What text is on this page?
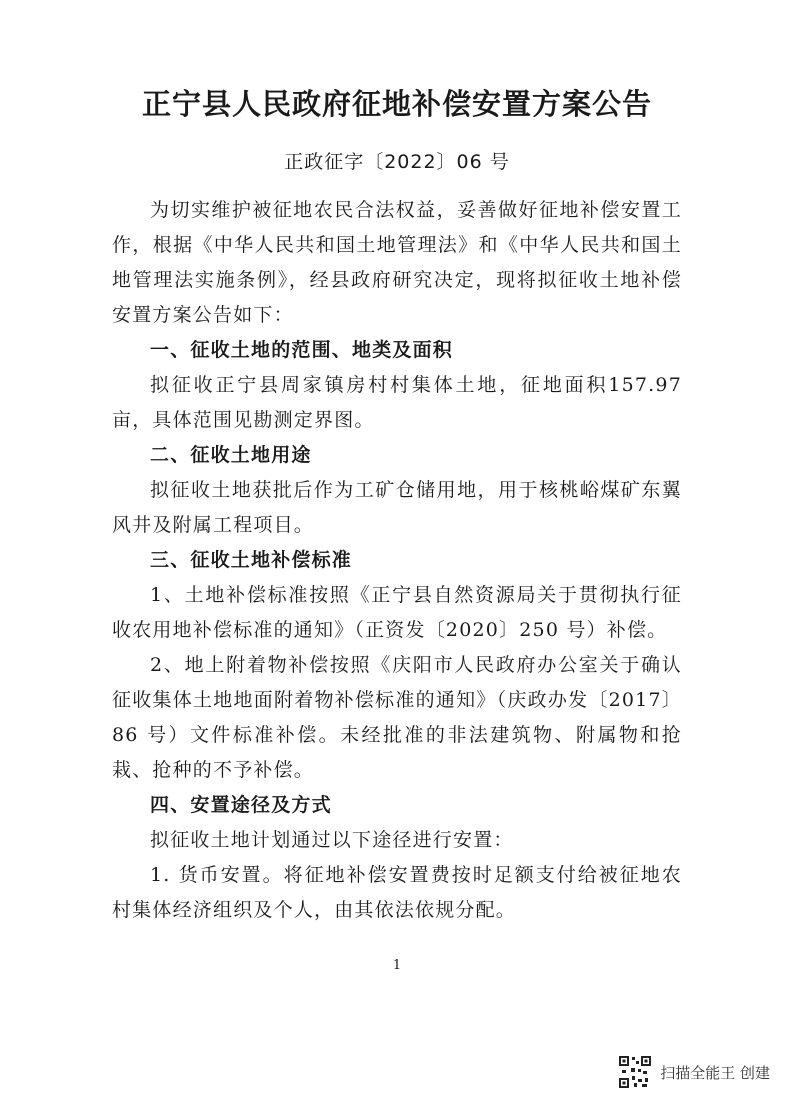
正宁县人民政府征地补偿安置方案公告
正政征字〔2022〕06 号

为切实维护被征地农民合法权益，妥善做好征地补偿安置工作，根据《中华人民共和国土地管理法》和《中华人民共和国土地管理法实施条例》，经县政府研究决定，现将拟征收土地补偿安置方案公告如下：

一、征收土地的范围、地类及面积

拟征收正宁县周家镇房村村集体土地，征地面积157.97亩，具体范围见勘测定界图。

二、征收土地用途

拟征收土地获批后作为工矿仓储用地，用于核桃峪煤矿东翼风井及附属工程项目。

三、征收土地补偿标准

1、土地补偿标准按照《正宁县自然资源局关于贯彻执行征收农用地补偿标准的通知》（正资发〔2020〕250 号）补偿。

2、地上附着物补偿按照《庆阳市人民政府办公室关于确认征收集体土地地面附着物补偿标准的通知》（庆政办发〔2017〕86 号）文件标准补偿。未经批准的非法建筑物、附属物和抢栽、抢种的不予补偿。

四、安置途径及方式

拟征收土地计划通过以下途径进行安置：

1. 货币安置。将征地补偿安置费按时足额支付给被征地农村集体经济组织及个人，由其依法依规分配。

1
扫描全能王 创建
